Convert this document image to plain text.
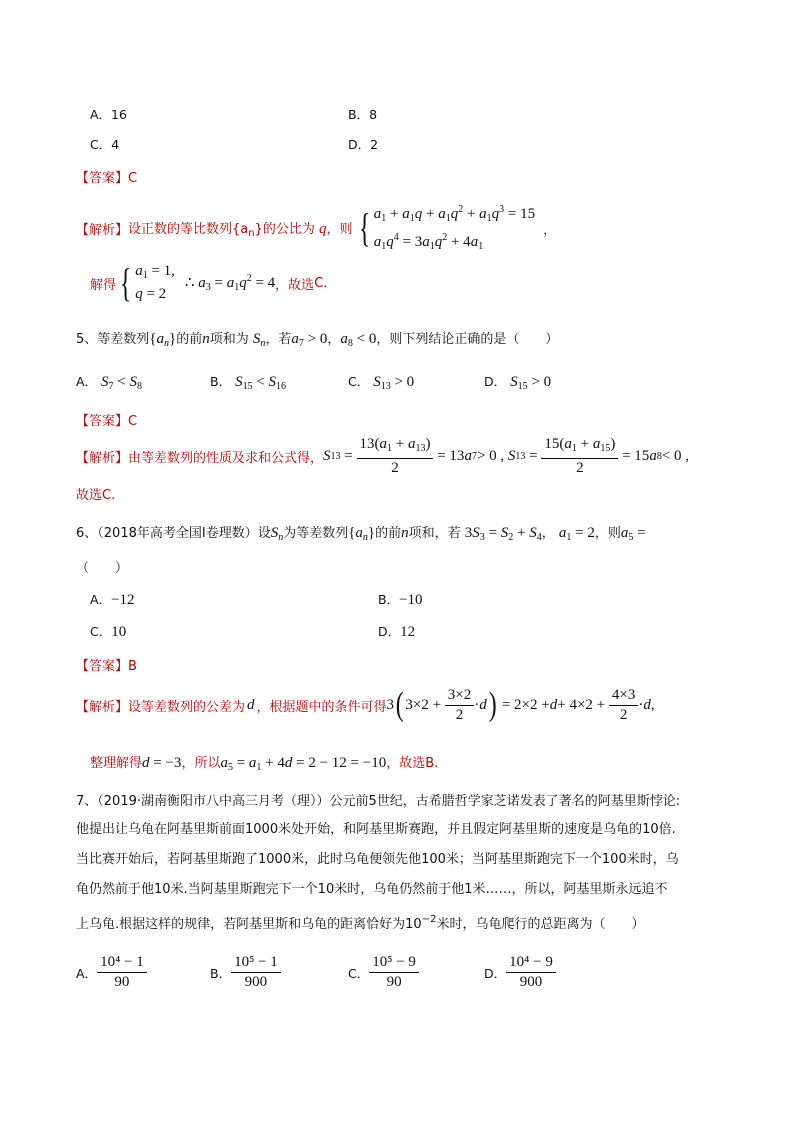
A．16	B．8
C．4	D．2
【答案】C
【解析】 设正数的等比数列$\{a_n\}$的公比为 q，则 { $a_1 + a_1q + a_1q^2 + a_1q^3 = 15$
$a_1q^4 = 3a_1q^2 + 4a_1$
，
解得 { $a_1 = 1$,
q = 2
∴ $a_3 = a_1q^2 = 4$ ，故选 C.
5、等差数列$\{a_n\}$的前n项和为 $S_n$，若$a_7 > 0$，$a_8 < 0$，则下列结论正确的是（　　）
A． $S_7 < S_8$	B． $S_{15} < S_{16}$	C． $S_{13} > 0$	D． $S_{15} > 0$
【答案】C
【解析】 由等差数列的性质及求和公式得， S $13 = \frac{13(a_1 + a_{13})}{2} = 13$ a 7 > 0 , S $13 = \frac{15(a_1 + a_{15})}{2} = 15$ a 8 < 0 ,
故选C.
6、（2018年高考全国Ⅰ卷理数）设$S_n$为等差数列$\{a_n\}$的前n项和，若 $3S_3 = S_2 + S_4$， $a_1 = 2$，则$a_5$ =
（　　）
A．−12	B．−10
C．10	D．12
【答案】B
【解析】 设等差数列的公差为 d ，根据题中的条件可得 3 ( $3\times 2 + \frac{3\times 2}{2} \cdot d$ ) = $2\times 2 + d + 4\times 2 + \frac{4\times 3}{2} \cdot d$ ,
整理解得d = −3，所以$a_5 = a_1 + 4d = 2 - 12 = -10$，故选B.
7、（2019·湖南衡阳市八中高三月考（理））公元前5世纪，古希腊哲学家芝诺发表了著名的阿基里斯悖论:
他提出让乌龟在阿基里斯前面1000米处开始，和阿基里斯赛跑，并且假定阿基里斯的速度是乌龟的10倍.
当比赛开始后，若阿基里斯跑了1000米，此时乌龟便领先他100米；当阿基里斯跑完下一个100米时，乌
龟仍然前于他10米.当阿基里斯跑完下一个10米时，乌龟仍然前于他1米……，所以，阿基里斯永远追不
上乌龟.根据这样的规律，若阿基里斯和乌龟的距离恰好为$10^{-2}$米时，乌龟爬行的总距离为（　　）
A． $\frac{\text{10⁴ − 1}}{90}$	B． $\frac{\text{10⁵ − 1}}{900}$	C． $\frac{\text{10⁵ − 9}}{90}$	D． $\frac{\text{10⁴ − 9}}{900}$
